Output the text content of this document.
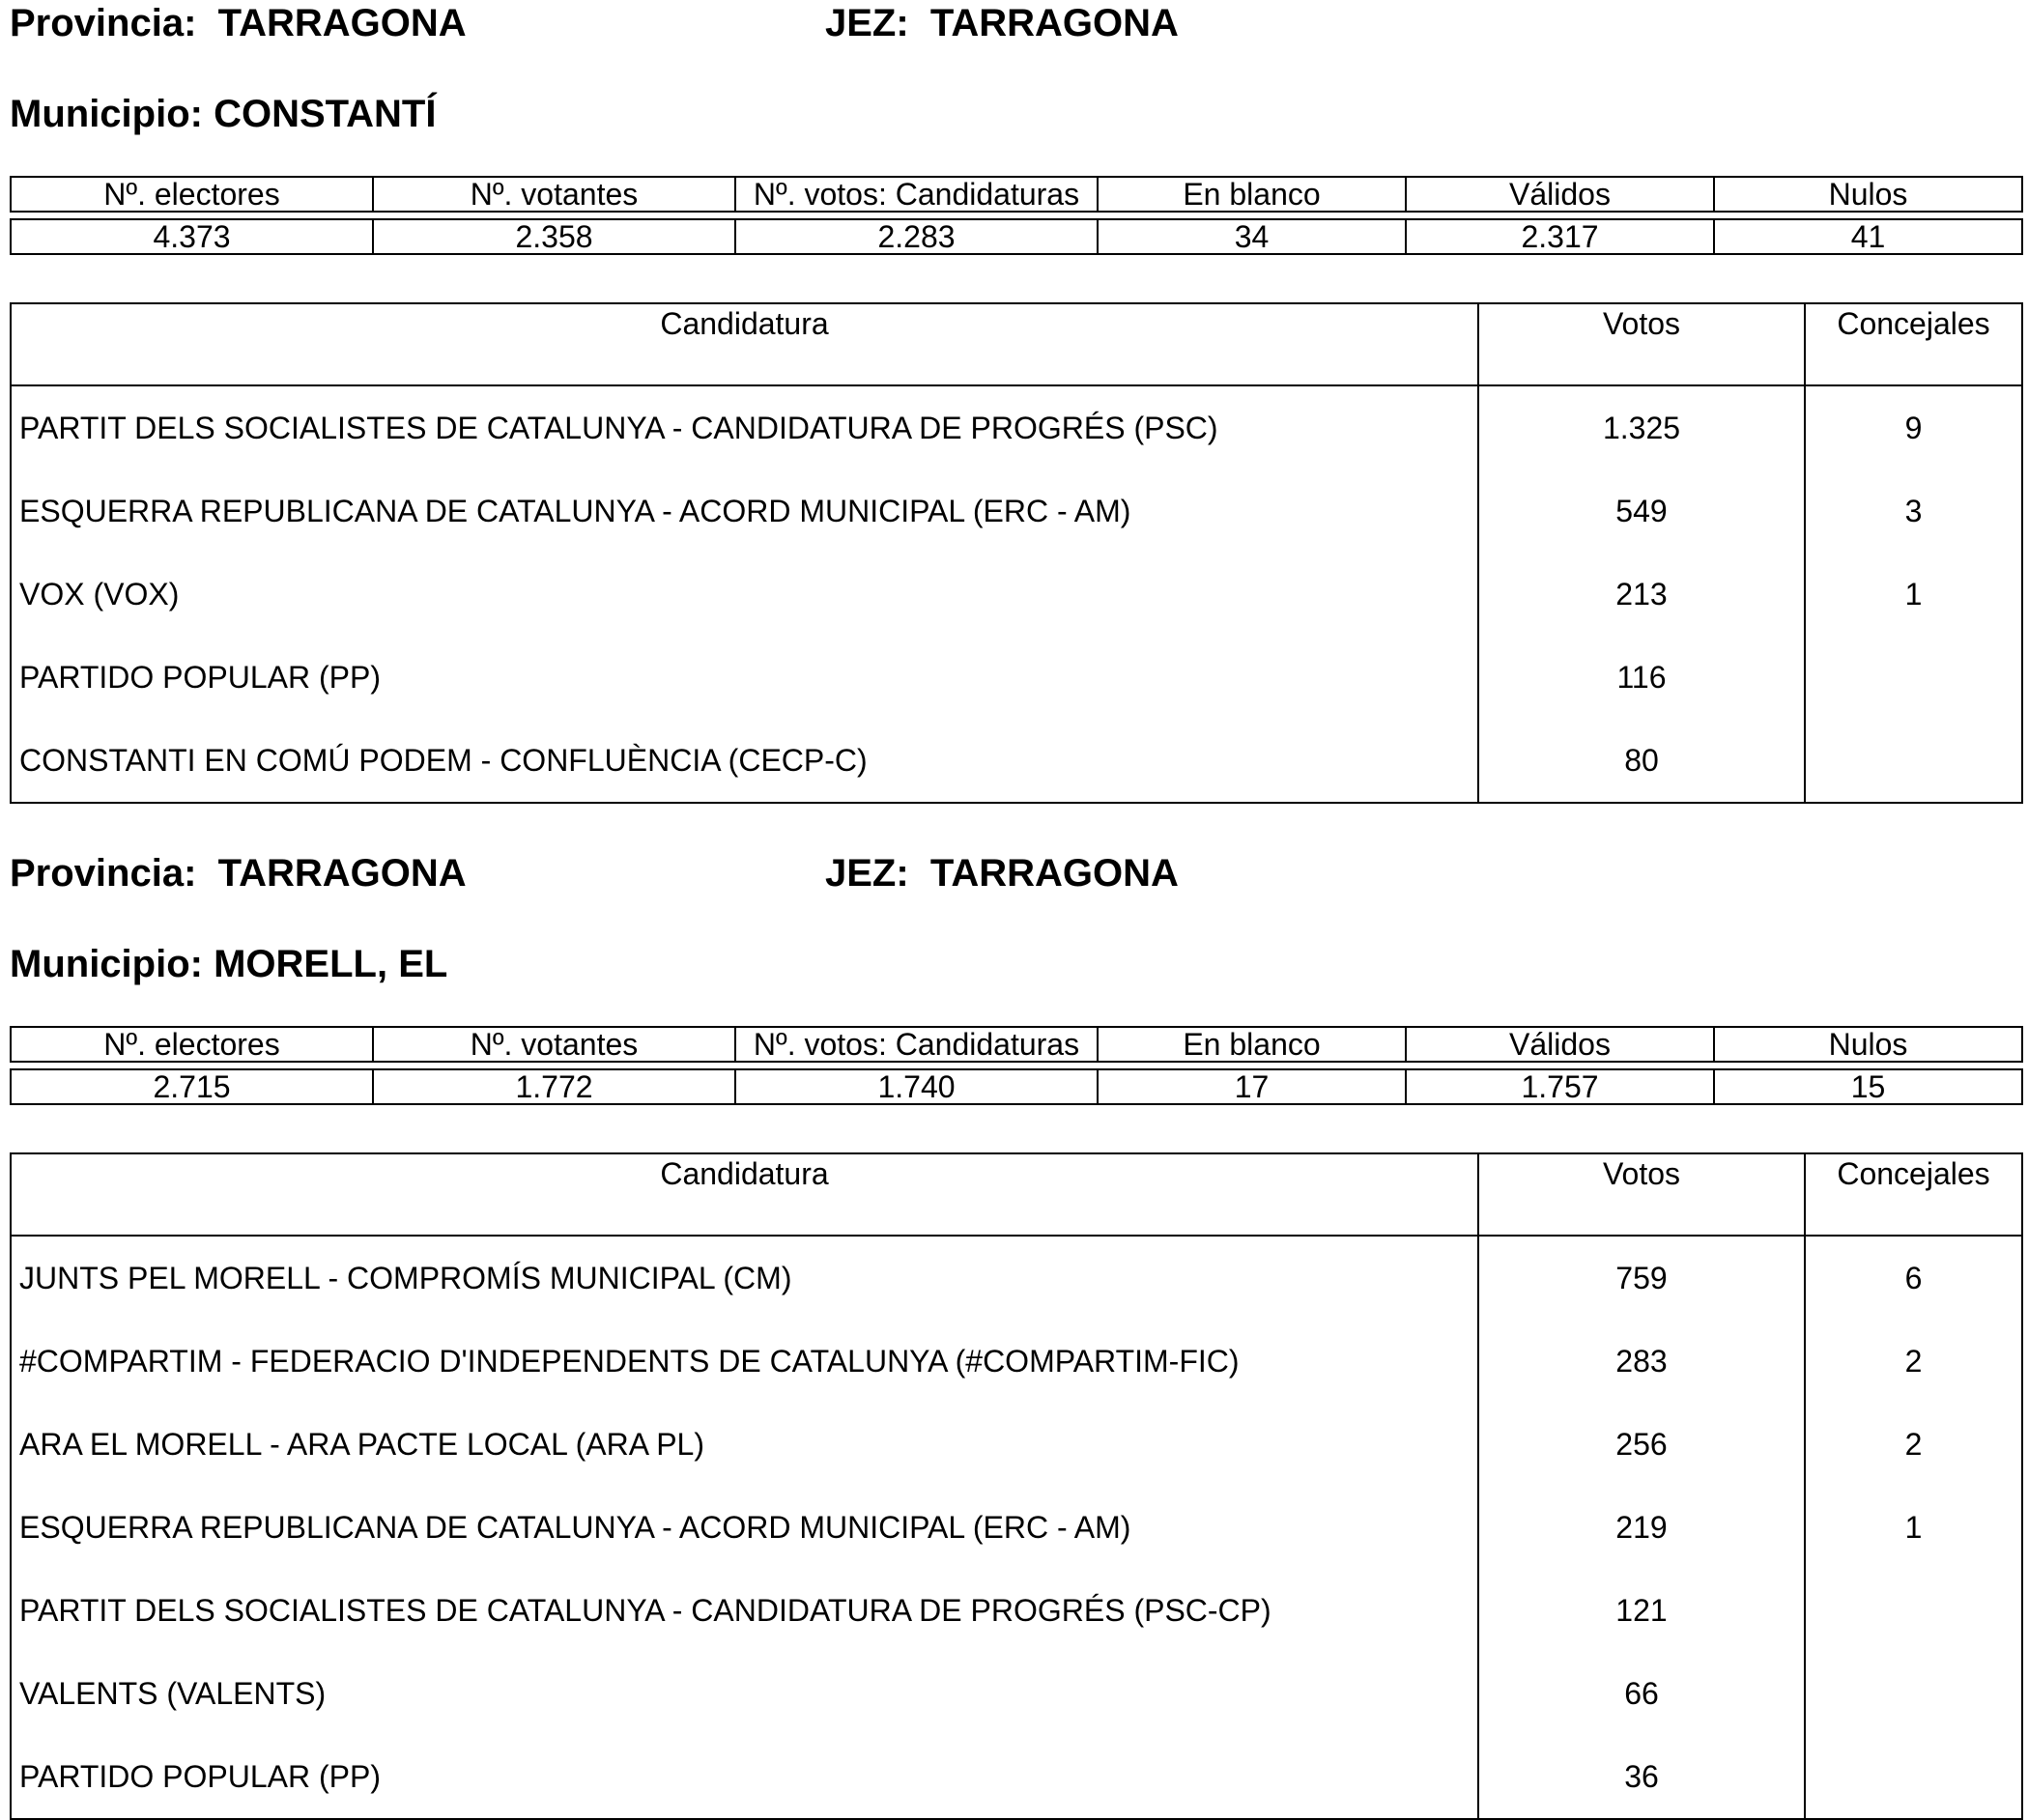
Provincia: TARRAGONA	JEZ: TARRAGONA
Municipio: CONSTANTÍ
Nº. electores	Nº. votantes	Nº. votos: Candidaturas	En blanco	Válidos	Nulos

4.373	2.358	2.283	34	2.317	41
Candidatura	Votos	Concejales
PARTIT DELS SOCIALISTES DE CATALUNYA - CANDIDATURA DE PROGRÉS (PSC)	1.325	9
ESQUERRA REPUBLICANA DE CATALUNYA - ACORD MUNICIPAL (ERC - AM)	549	3
VOX (VOX)	213	1
PARTIDO POPULAR (PP)	116	
CONSTANTI EN COMÚ PODEM - CONFLUÈNCIA (CECP-C)	80	
Provincia: TARRAGONA	JEZ: TARRAGONA
Municipio: MORELL, EL
Nº. electores	Nº. votantes	Nº. votos: Candidaturas	En blanco	Válidos	Nulos

2.715	1.772	1.740	17	1.757	15
Candidatura	Votos	Concejales
JUNTS PEL MORELL - COMPROMÍS MUNICIPAL (CM)	759	6
#COMPARTIM - FEDERACIO D'INDEPENDENTS DE CATALUNYA (#COMPARTIM-FIC)	283	2
ARA EL MORELL - ARA PACTE LOCAL (ARA PL)	256	2
ESQUERRA REPUBLICANA DE CATALUNYA - ACORD MUNICIPAL (ERC - AM)	219	1
PARTIT DELS SOCIALISTES DE CATALUNYA - CANDIDATURA DE PROGRÉS (PSC-CP)	121	
VALENTS (VALENTS)	66	
PARTIDO POPULAR (PP)	36	
